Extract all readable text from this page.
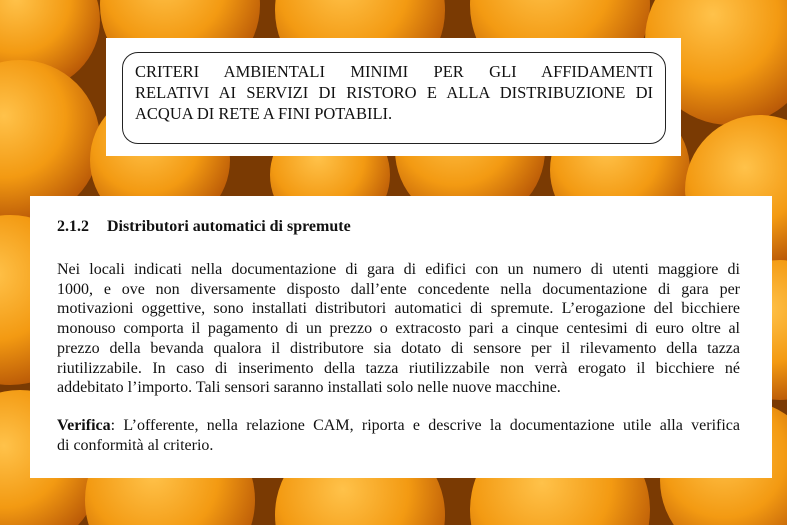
CRITERI AMBIENTALI MINIMI PER GLI AFFIDAMENTI
RELATIVI AI SERVIZI DI RISTORO E ALLA DISTRIBUZIONE DI
ACQUA DI RETE A FINI POTABILI.
2.1.2 Distributori automatici di spremute
Nei locali indicati nella documentazione di gara di edifici con un numero di utenti maggiore di
1000, e ove non diversamente disposto dall’ente concedente nella documentazione di gara per
motivazioni oggettive, sono installati distributori automatici di spremute. L’erogazione del bicchiere
monouso comporta il pagamento di un prezzo o extracosto pari a cinque centesimi di euro oltre al
prezzo della bevanda qualora il distributore sia dotato di sensore per il rilevamento della tazza
riutilizzabile. In caso di inserimento della tazza riutilizzabile non verrà erogato il bicchiere né
addebitato l’importo. Tali sensori saranno installati solo nelle nuove macchine.
Verifica: L’offerente, nella relazione CAM, riporta e descrive la documentazione utile alla verifica
di conformità al criterio.
